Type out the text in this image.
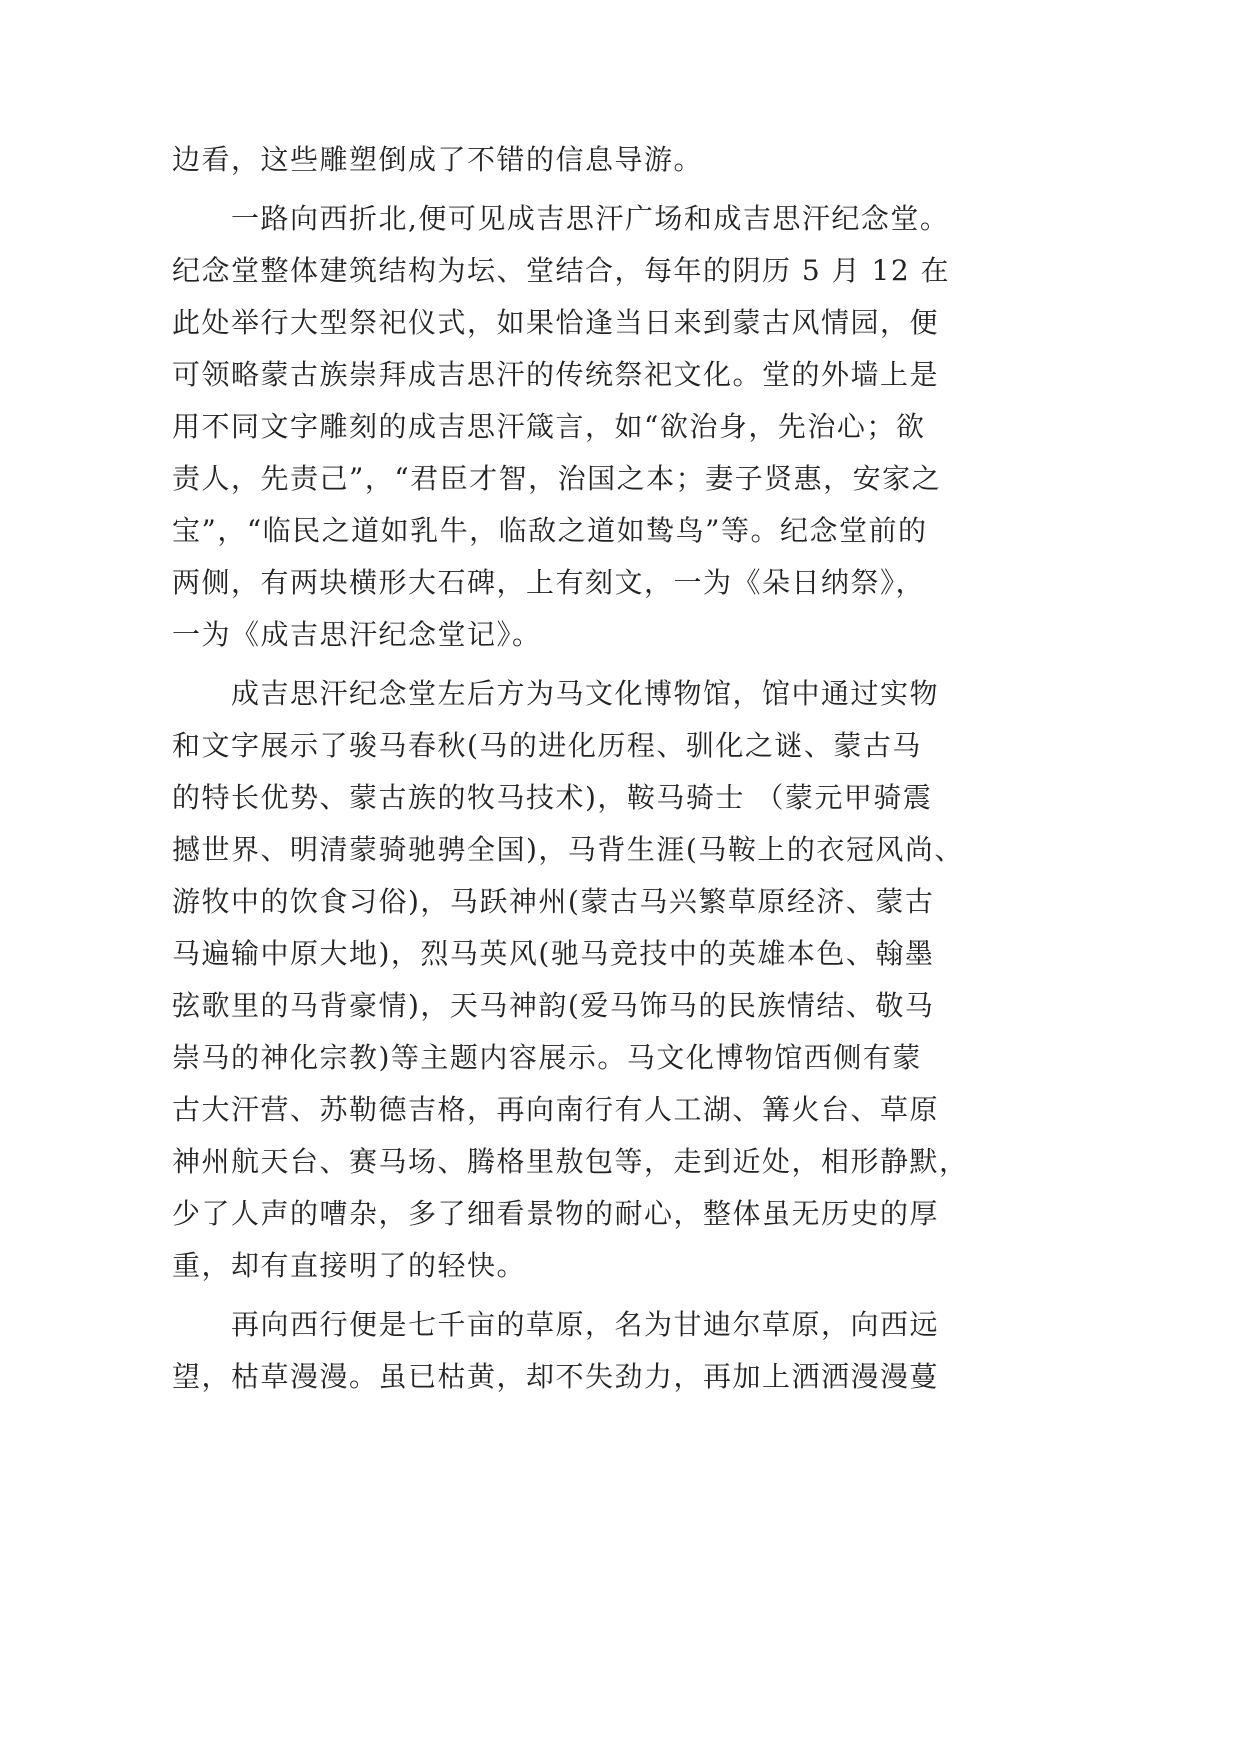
边看，这些雕塑倒成了不错的信息导游。
一路向西折北,便可见成吉思汗广场和成吉思汗纪念堂。
纪念堂整体建筑结构为坛、堂结合，每年的阴历 5 月 12 在
此处举行大型祭祀仪式，如果恰逢当日来到蒙古风情园，便
可领略蒙古族崇拜成吉思汗的传统祭祀文化。堂的外墙上是
用不同文字雕刻的成吉思汗箴言，如“欲治身，先治心；欲
责人，先责己”，“君臣才智，治国之本；妻子贤惠，安家之
宝”，“临民之道如乳牛，临敌之道如鸷鸟”等。纪念堂前的
两侧，有两块横形大石碑，上有刻文，一为《朵日纳祭》，
一为《成吉思汗纪念堂记》。
成吉思汗纪念堂左后方为马文化博物馆，馆中通过实物
和文字展示了骏马春秋(马的进化历程、驯化之谜、蒙古马
的特长优势、蒙古族的牧马技术)，鞍马骑士 （蒙元甲骑震
撼世界、明清蒙骑驰骋全国)，马背生涯(马鞍上的衣冠风尚、
游牧中的饮食习俗)，马跃神州(蒙古马兴繁草原经济、蒙古
马遍输中原大地)，烈马英风(驰马竞技中的英雄本色、翰墨
弦歌里的马背豪情)，天马神韵(爱马饰马的民族情结、敬马
崇马的神化宗教)等主题内容展示。马文化博物馆西侧有蒙
古大汗营、苏勒德吉格，再向南行有人工湖、篝火台、草原
神州航天台、赛马场、腾格里敖包等，走到近处，相形静默，
少了人声的嘈杂，多了细看景物的耐心，整体虽无历史的厚
重，却有直接明了的轻快。
再向西行便是七千亩的草原，名为甘迪尔草原，向西远
望，枯草漫漫。虽已枯黄，却不失劲力，再加上洒洒漫漫蔓
